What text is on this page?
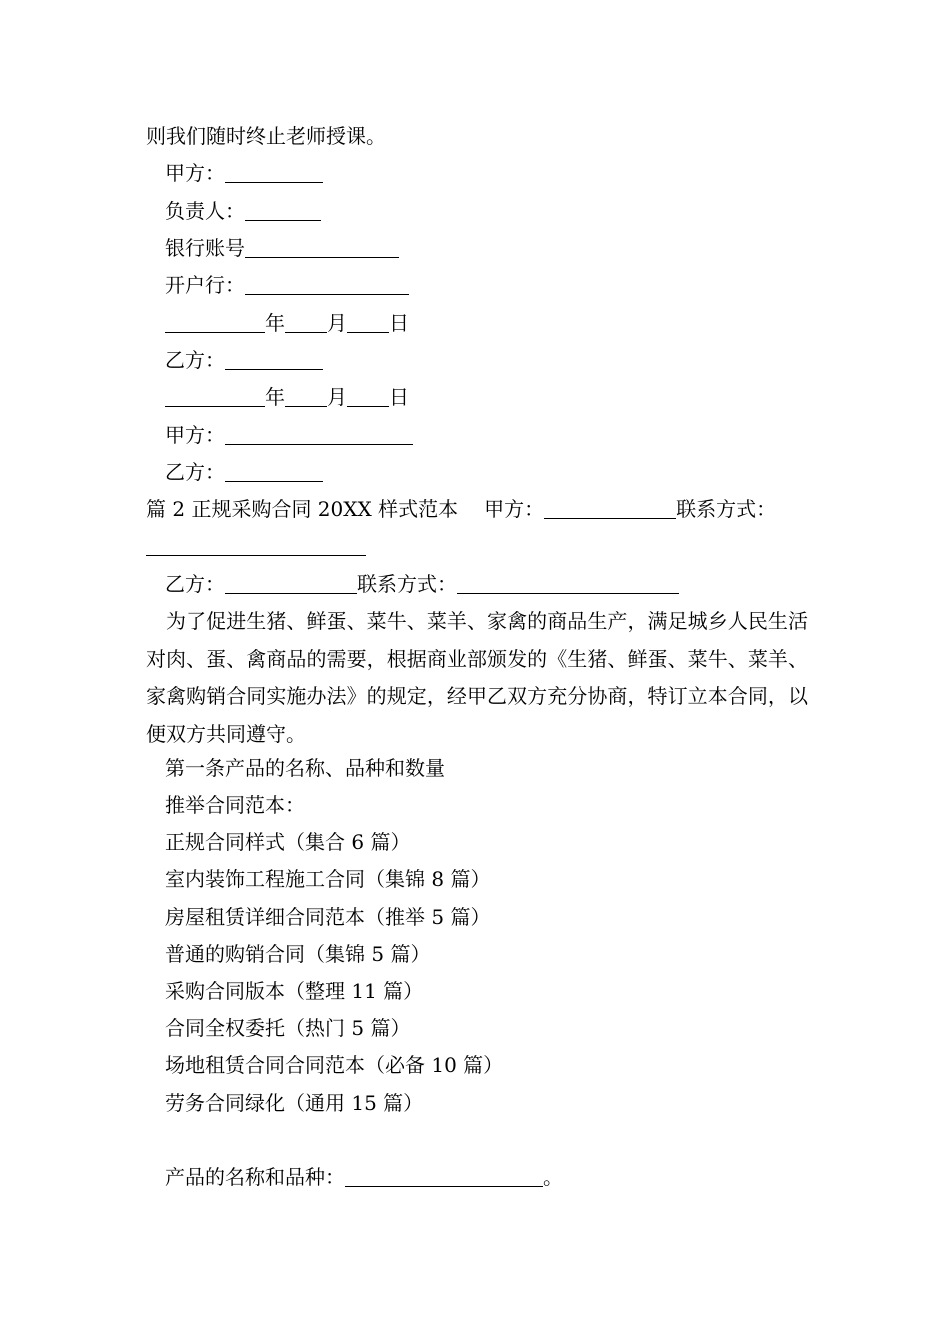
则我们随时终止老师授课。
甲方：
负责人：
银行账号
开户行：
年 月 日
乙方：
年 月 日
甲方：
乙方：
篇 2 正规采购合同 20XX 样式范本 甲方：	联系方式：
乙方：	联系方式：
为了促进生猪、鲜蛋、菜牛、菜羊、家禽的商品生产，满足城乡人民生活对肉、蛋、禽商品的需要，根据商业部颁发的《生猪、鲜蛋、菜牛、菜羊、家禽购销合同实施办法》的规定，经甲乙双方充分协商，特订立本合同，以便双方共同遵守。
第一条产品的名称、品种和数量
推举合同范本：
正规合同样式（集合 6 篇）
室内装饰工程施工合同（集锦 8 篇）
房屋租赁详细合同范本（推举 5 篇）
普通的购销合同（集锦 5 篇）
采购合同版本（整理 11 篇）
合同全权委托（热门 5 篇）
场地租赁合同合同范本（必备 10 篇）
劳务合同绿化（通用 15 篇）
产品的名称和品种：	。
